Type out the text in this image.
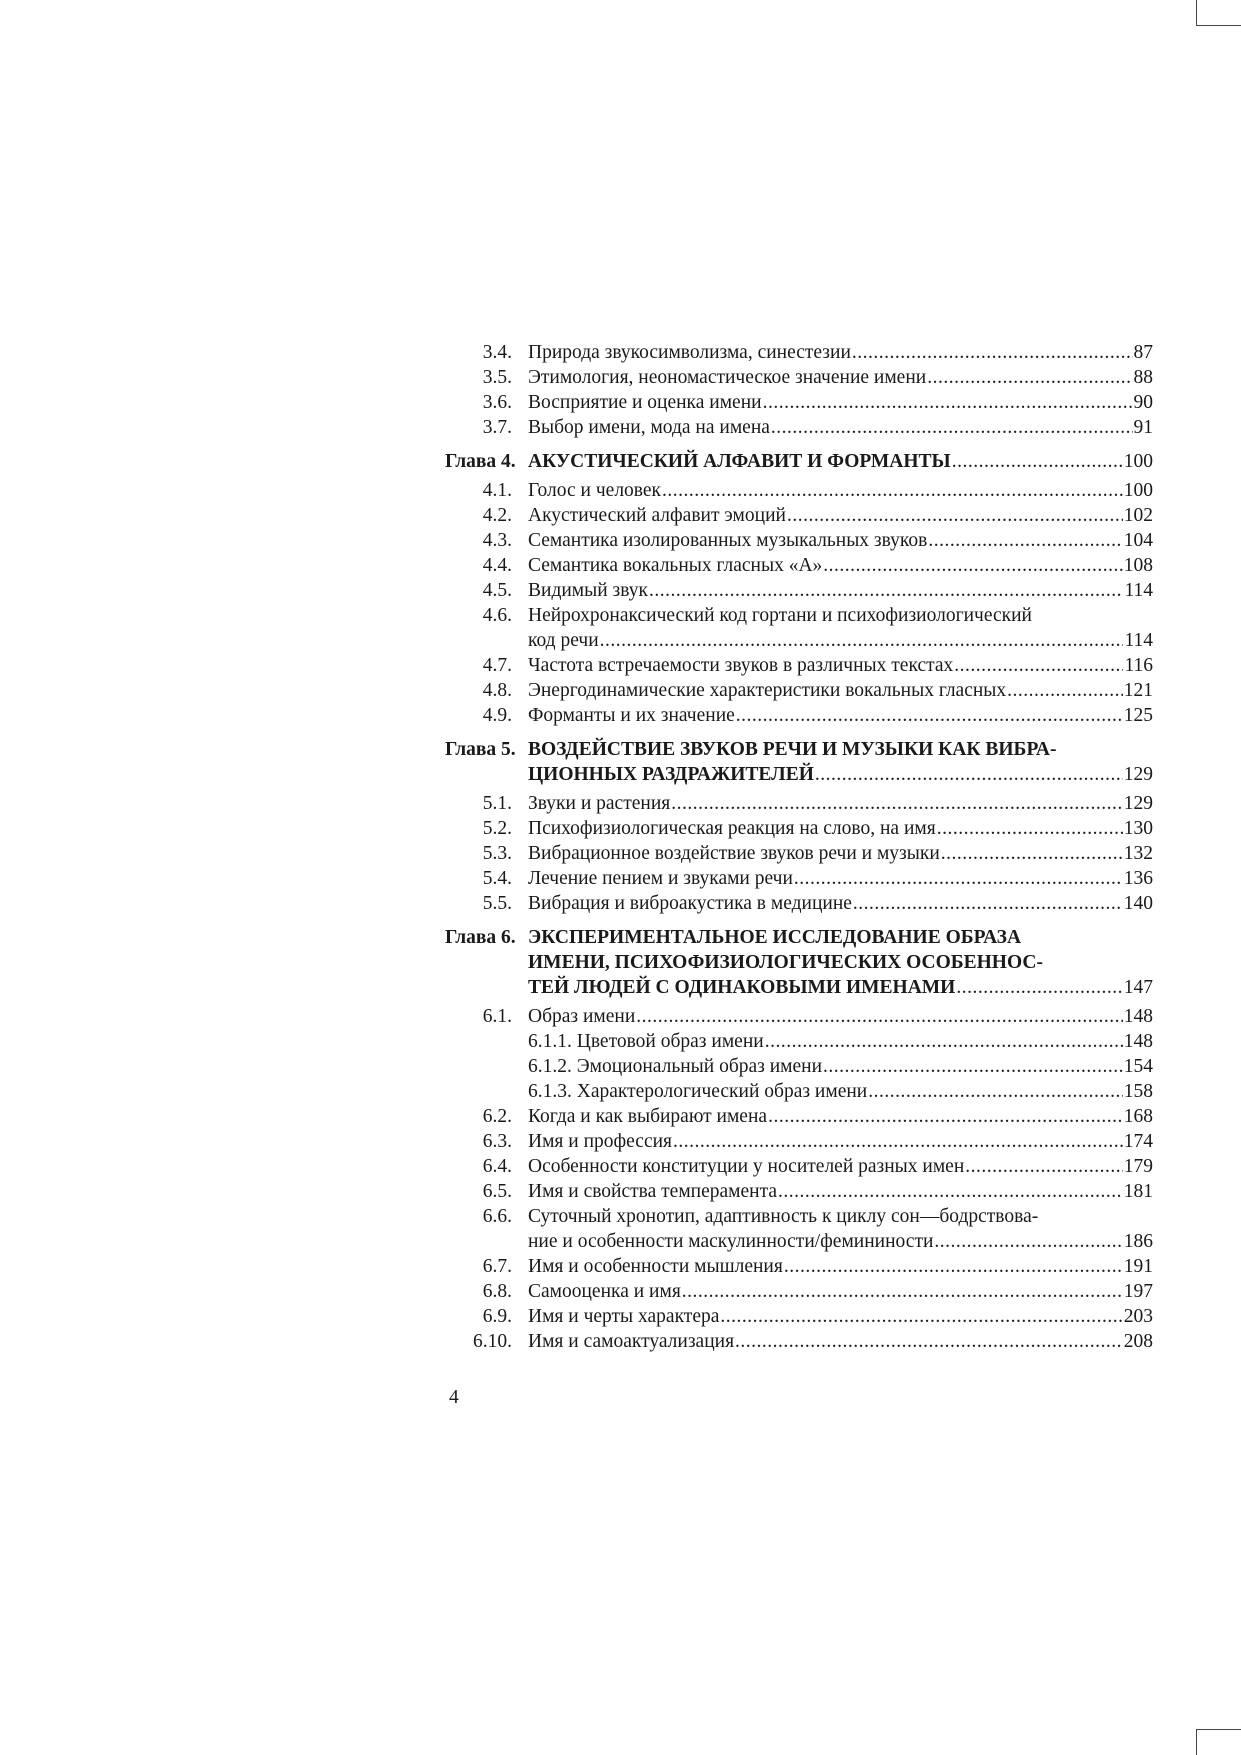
3.4. Природа звукосимволизма, синестезии .....	87
3.5. Этимология, неономастическое значение имени .....	88
3.6. Восприятие и оценка имени .....	90
3.7. Выбор имени, мода на имена .....	91
Глава 4. АКУСТИЧЕСКИЙ АЛФАВИТ И ФОРМАНТЫ .....	100
4.1. Голос и человек .....	100
4.2. Акустический алфавит эмоций .....	102
4.3. Семантика изолированных музыкальных звуков .....	104
4.4. Семантика вокальных гласных «А» .....	108
4.5. Видимый звук .....	114
4.6. Нейрохронаксический код гортани и психофизиологический
код речи .....	114
4.7. Частота встречаемости звуков в различных текстах .....	116
4.8. Энергодинамические характеристики вокальных гласных .....	121
4.9. Форманты и их значение .....	125
Глава 5. ВОЗДЕЙСТВИЕ ЗВУКОВ РЕЧИ И МУЗЫКИ КАК ВИБРА-
ЦИОННЫХ РАЗДРАЖИТЕЛЕЙ .....	129
5.1. Звуки и растения .....	129
5.2. Психофизиологическая реакция на слово, на имя .....	130
5.3. Вибрационное воздействие звуков речи и музыки .....	132
5.4. Лечение пением и звуками речи .....	136
5.5. Вибрация и виброакустика в медицине .....	140
Глава 6. ЭКСПЕРИМЕНТАЛЬНОЕ ИССЛЕДОВАНИЕ ОБРАЗА
ИМЕНИ, ПСИХОФИЗИОЛОГИЧЕСКИХ ОСОБЕННОС-
ТЕЙ ЛЮДЕЙ С ОДИНАКОВЫМИ ИМЕНАМИ .....	147
6.1. Образ имени .....	148
6.1.1. Цветовой образ имени .....	148
6.1.2. Эмоциональный образ имени .....	154
6.1.3. Характерологический образ имени .....	158
6.2. Когда и как выбирают имена .....	168
6.3. Имя и профессия .....	174
6.4. Особенности конституции у носителей разных имен .....	179
6.5. Имя и свойства темперамента .....	181
6.6. Суточный хронотип, адаптивность к циклу сон—бодрствова-
ние и особенности маскулинности/фемининости .....	186
6.7. Имя и особенности мышления .....	191
6.8. Самооценка и имя .....	197
6.9. Имя и черты характера .....	203
6.10. Имя и самоактуализация .....	208
4
